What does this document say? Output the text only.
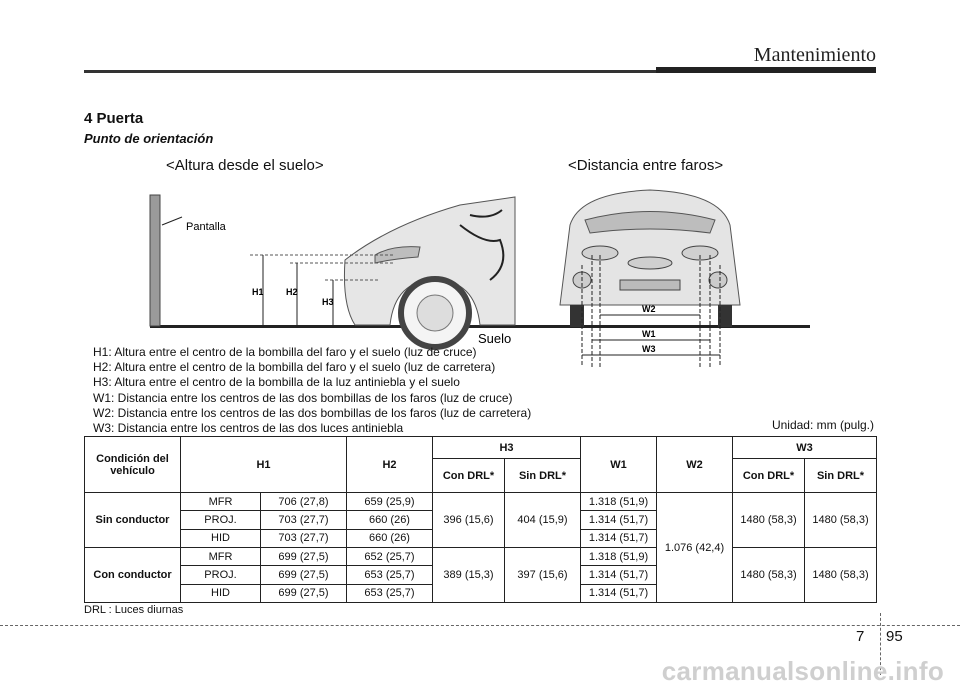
Mantenimiento
4 Puerta
Punto de orientación
<Altura desde el suelo>	<Distancia entre faros>
Pantalla
H1 H2
H3
Suelo
W2
W1
W3
H1: Altura entre el centro de la bombilla del faro y el suelo (luz de cruce)
H2: Altura entre el centro de la bombilla del faro y el suelo (luz de carretera)
H3: Altura entre el centro de la bombilla de la luz antiniebla y el suelo
W1: Distancia entre los centros de las dos bombillas de los faros (luz de cruce)
W2: Distancia entre los centros de las dos bombillas de los faros (luz de carretera)
W3: Distancia entre los centros de las dos luces antiniebla	Unidad: mm (pulg.)
Condición del vehículo	H1		H2	H3		W1	W2	W3	
				Con DRL*	Sin DRL*			Con DRL*	Sin DRL*
Sin conductor	MFR	706 (27,8)	659 (25,9)	396 (15,6)	404 (15,9)	1.318 (51,9)	1.076 (42,4)	1480 (58,3)	1480 (58,3)
	PROJ.	703 (27,7)	660 (26)			1.314 (51,7)			
	HID	703 (27,7)	660 (26)			1.314 (51,7)			
Con conductor	MFR	699 (27,5)	652 (25,7)	389 (15,3)	397 (15,6)	1.318 (51,9)		1480 (58,3)	1480 (58,3)
	PROJ.	699 (27,5)	653 (25,7)			1.314 (51,7)			
	HID	699 (27,5)	653 (25,7)			1.314 (51,7)			
DRL : Luces diurnas
7 95
carmanualsonline.info
